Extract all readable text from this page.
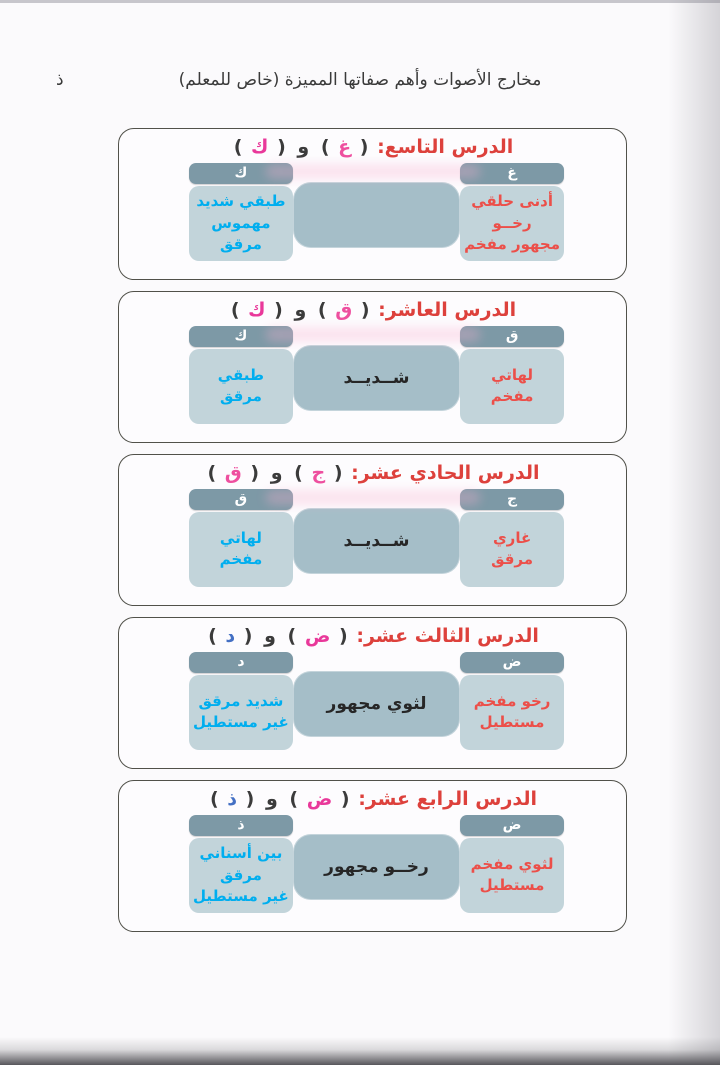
ذ	مخارج الأصوات وأهم صفاتها المميزة (خاص للمعلم)
الدرس التاسع: ( غ ) و ( ك )
غ
أدنى حلقي
رخــو
مجهور مفخم
ك
طبقي شديد
مهموس
مرقق
الدرس العاشر: ( ق ) و ( ك )
ق
لهاتي
مفخم
شــديــد
ك
طبقي
مرقق
الدرس الحادي عشر: ( ج ) و ( ق )
ج
غاري
مرقق
شــديــد
ق
لهاتي
مفخم
الدرس الثالث عشر: ( ض ) و ( د )
ض
رخو مفخم
مستطيل
لثوي مجهور
د
شديد مرقق
غير مستطيل
الدرس الرابع عشر: ( ض ) و ( ذ )
ض
لثوي مفخم
مستطيل
رخــو مجهور
ذ
بين أسناني
مرقق
غير مستطيل
